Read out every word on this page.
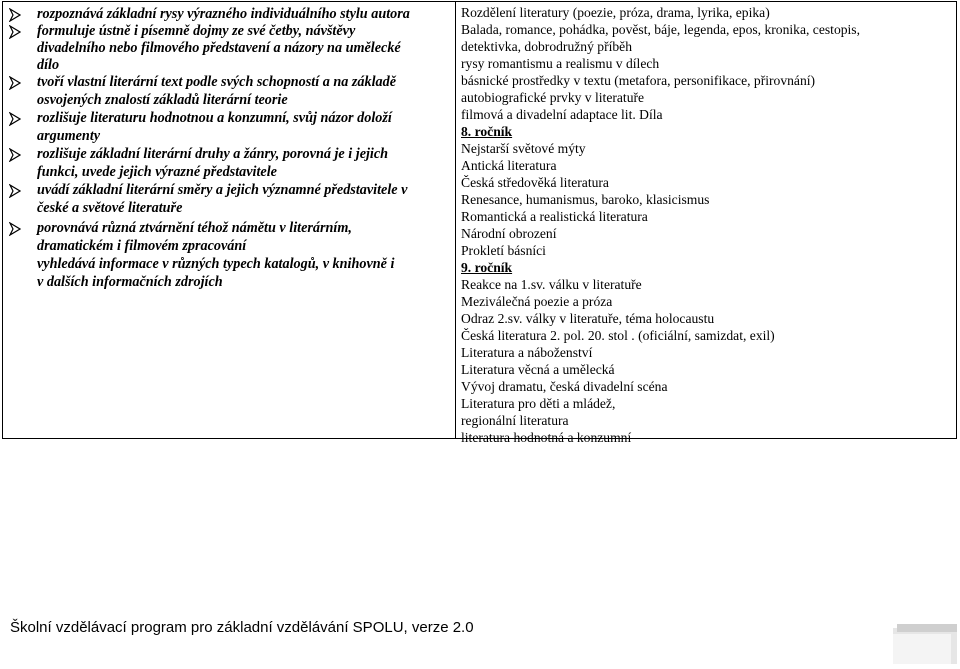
rozpoznává základní rysy výrazného individuálního stylu autora
formuluje ústně i písemně dojmy ze své četby, návštěvy
divadelního nebo filmového představení a názory na umělecké
dílo
tvoří vlastní literární text podle svých schopností a na základě
osvojených znalostí základů literární teorie
rozlišuje literaturu hodnotnou a konzumní, svůj názor doloží
argumenty
rozlišuje základní literární druhy a žánry, porovná je i jejich
funkci, uvede jejich výrazné představitele
uvádí základní literární směry a jejich významné představitele v
české a světové literatuře
porovnává různá ztvárnění téhož námětu v literárním,
dramatickém i filmovém zpracování
vyhledává informace v různých typech katalogů, v knihovně i
v dalších informačních zdrojích
Rozdělení literatury (poezie, próza, drama, lyrika, epika)
Balada, romance, pohádka, pověst, báje, legenda, epos, kronika, cestopis,
detektivka, dobrodružný příběh
rysy romantismu a realismu v dílech
básnické prostředky v textu (metafora, personifikace, přirovnání)
autobiografické prvky v literatuře
filmová a divadelní adaptace lit. Díla
8. ročník
Nejstarší světové mýty
Antická literatura
Česká středověká literatura
Renesance, humanismus, baroko, klasicismus
Romantická a realistická literatura
Národní obrození
Prokletí básníci
9. ročník
Reakce na 1.sv. válku v literatuře
Meziválečná poezie a próza
Odraz 2.sv. války v literatuře, téma holocaustu
Česká literatura 2. pol. 20. stol . (oficiální, samizdat, exil)
Literatura a náboženství
Literatura věcná a umělecká
Vývoj dramatu, česká divadelní scéna
Literatura pro děti a mládež,
regionální literatura
literatura hodnotná a konzumní
Školní vzdělávací program pro základní vzdělávání SPOLU, verze 2.0
